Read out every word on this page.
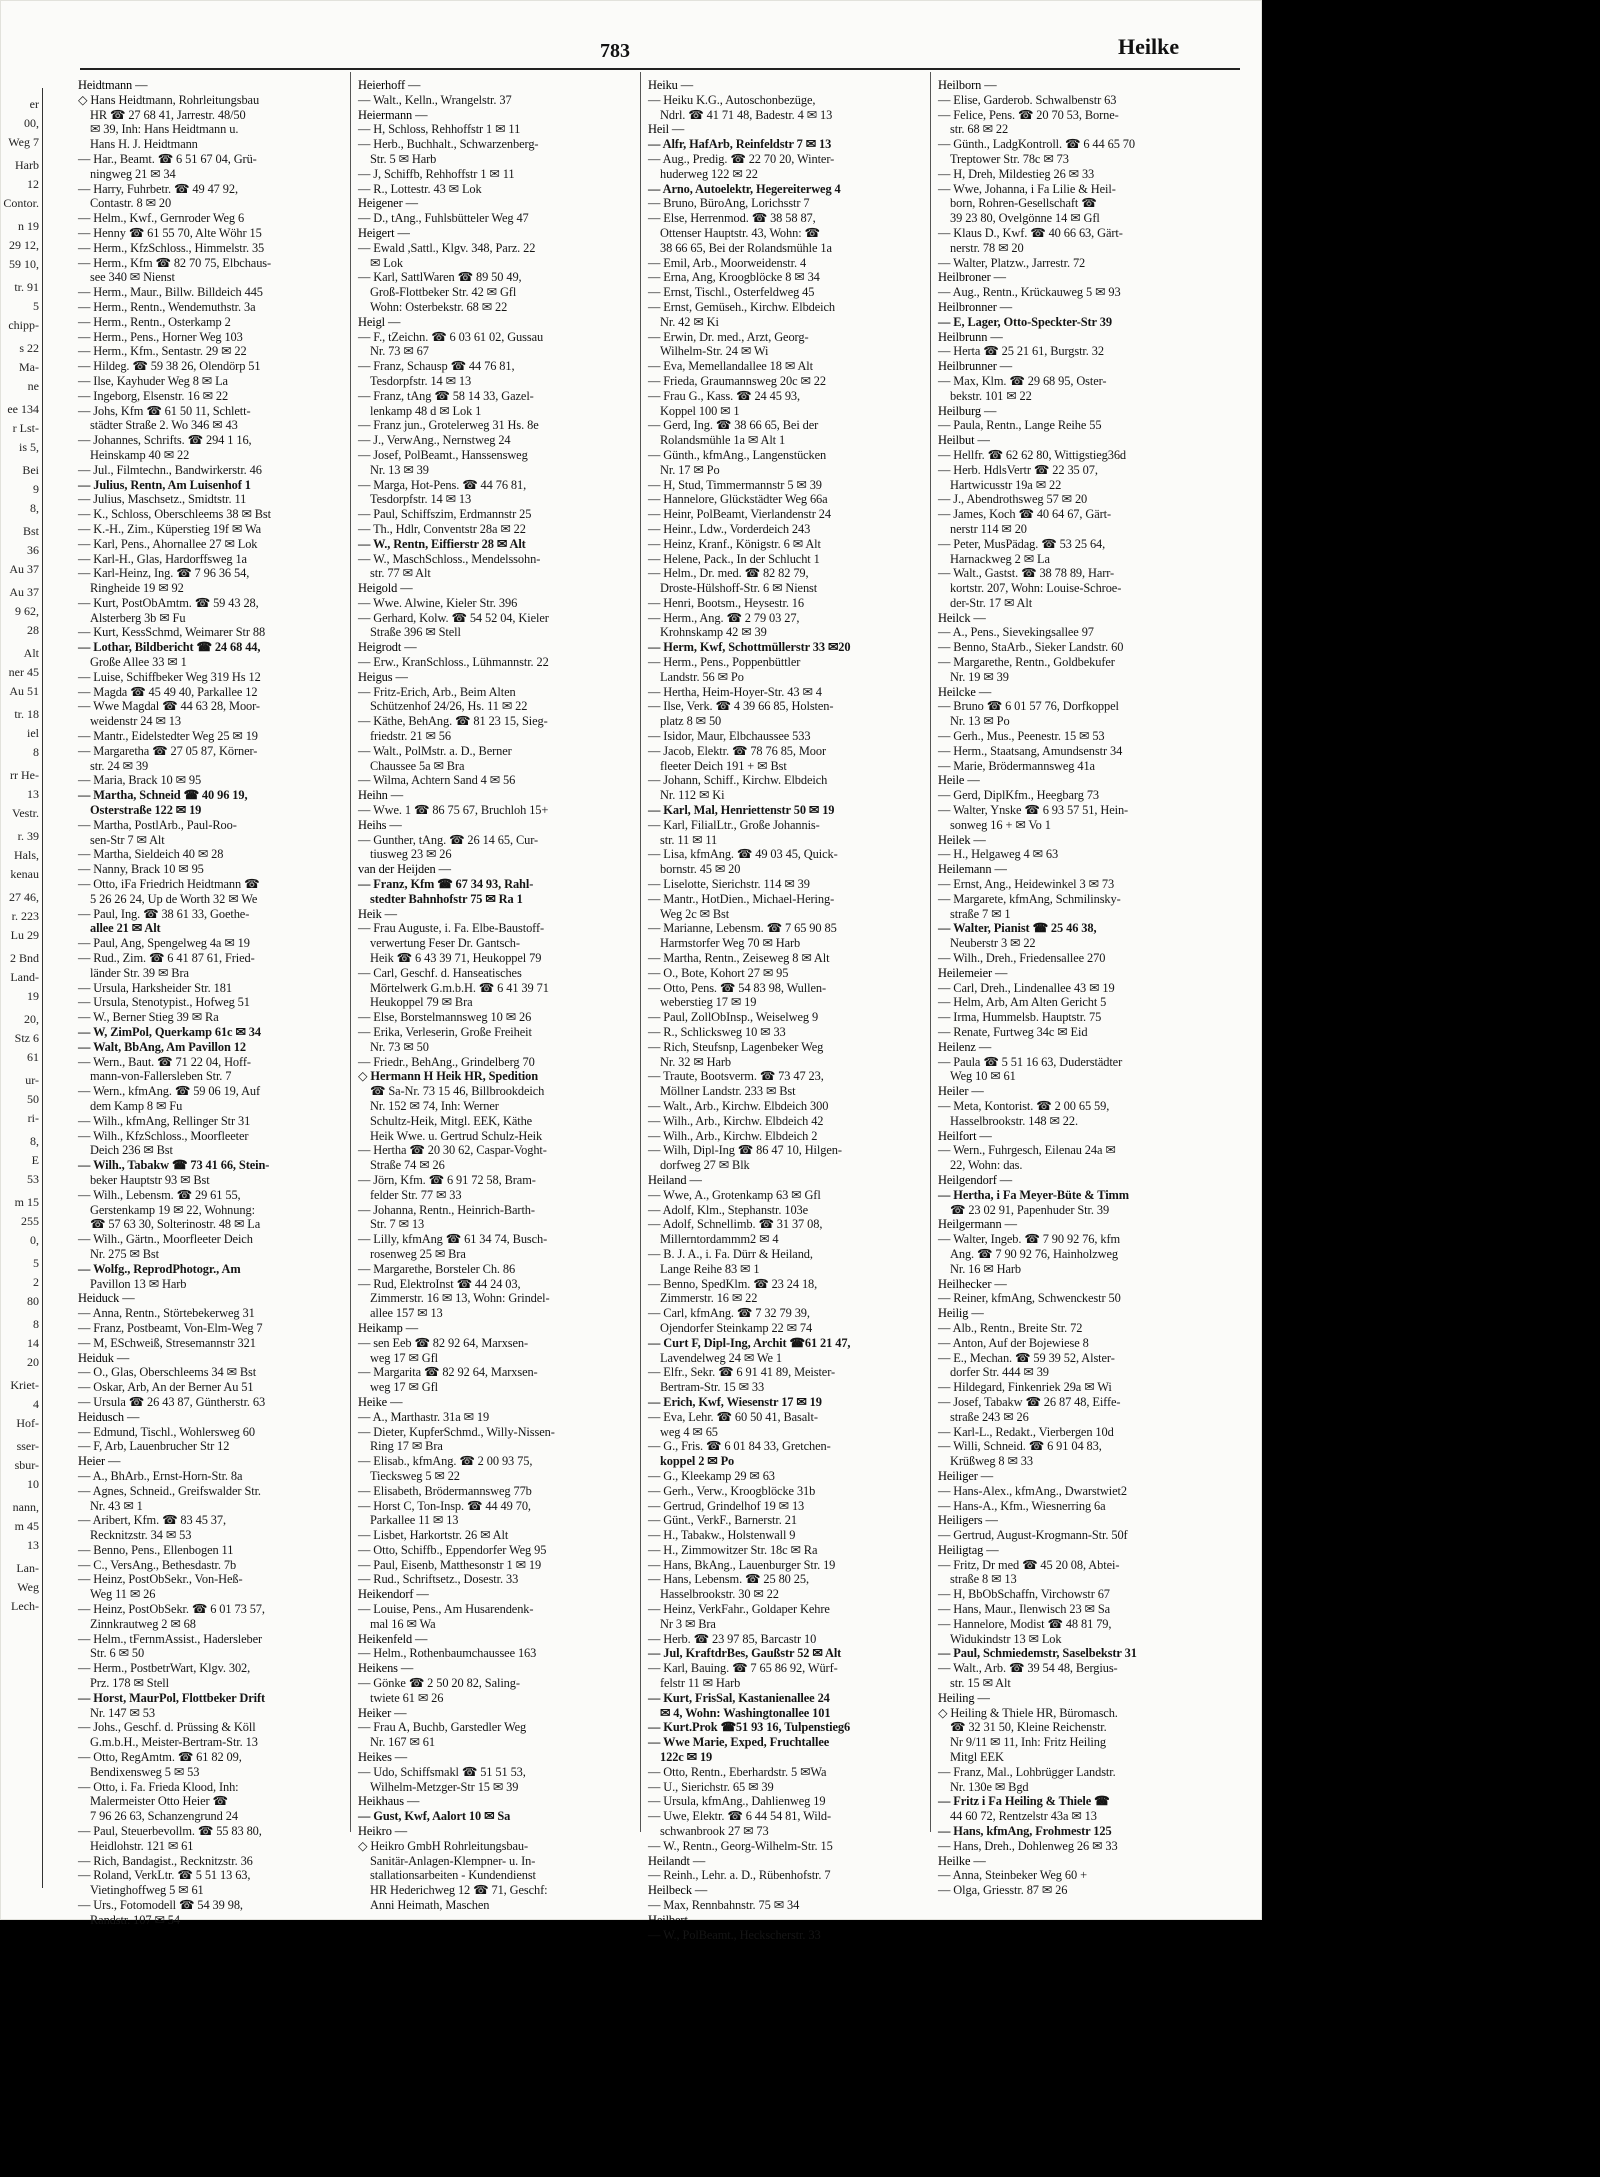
er
00,
Weg 7
Harb
12
Contor.
n 19
29 12,
59 10,
tr. 91
5
chipp-
s 22
Ma-
ne
ee 134
r Lst-
is 5,
Bei
9
8,
Bst
36
Au 37
Au 37
9 62,
28
Alt
ner 45
Au 51
tr. 18
iel
8
rr He-
13
Vestr.
r. 39
Hals,
kenau
27 46,
r. 223
Lu 29
2 Bnd
Land-
19
20,
Stz 6
61
ur-
50
ri-
8,
E
53
m 15
255
0,
5
2
80
8
14
20
Kriet-
4
Hof-
sser-
sbur-
10
nann,
m 45
13
Lan-
Weg
Lech-
783	Heilke
Heidtmann —
◇ Hans Heidtmann, Rohrleitungsbau
HR ☎ 27 68 41, Jarrestr. 48/50
✉ 39, Inh: Hans Heidtmann u.
Hans H. J. Heidtmann
— Har., Beamt. ☎ 6 51 67 04, Grü-
ningweg 21 ✉ 34
— Harry, Fuhrbetr. ☎ 49 47 92,
Contastr. 8 ✉ 20
— Helm., Kwf., Gernroder Weg 6
— Henny ☎ 61 55 70, Alte Wöhr 15
— Herm., KfzSchloss., Himmelstr. 35
— Herm., Kfm ☎ 82 70 75, Elbchaus-
see 340 ✉ Nienst
— Herm., Maur., Billw. Billdeich 445
— Herm., Rentn., Wendemuthstr. 3a
— Herm., Rentn., Osterkamp 2
— Herm., Pens., Horner Weg 103
— Herm., Kfm., Sentastr. 29 ✉ 22
— Hildeg. ☎ 59 38 26, Olendörp 51
— Ilse, Kayhuder Weg 8 ✉ La
— Ingeborg, Elsenstr. 16 ✉ 22
— Johs, Kfm ☎ 61 50 11, Schlett-
städter Straße 2. Wo 346 ✉ 43
— Johannes, Schrifts. ☎ 294 1 16,
Heinskamp 40 ✉ 22
— Jul., Filmtechn., Bandwirkerstr. 46
— Julius, Rentn, Am Luisenhof 1
— Julius, Maschsetz., Smidtstr. 11
— K., Schloss, Oberschleems 38 ✉ Bst
— K.-H., Zim., Küperstieg 19f ✉ Wa
— Karl, Pens., Ahornallee 27 ✉ Lok
— Karl-H., Glas, Hardorffsweg 1a
— Karl-Heinz, Ing. ☎ 7 96 36 54,
Ringheide 19 ✉ 92
— Kurt, PostObAmtm. ☎ 59 43 28,
Alsterberg 3b ✉ Fu
— Kurt, KessSchmd, Weimarer Str 88
— Lothar, Bildbericht ☎ 24 68 44,
Große Allee 33 ✉ 1
— Luise, Schiffbeker Weg 319 Hs 12
— Magda ☎ 45 49 40, Parkallee 12
— Wwe Magdal ☎ 44 63 28, Moor-
weidenstr 24 ✉ 13
— Mantr., Eidelstedter Weg 25 ✉ 19
— Margaretha ☎ 27 05 87, Körner-
str. 24 ✉ 39
— Maria, Brack 10 ✉ 95
— Martha, Schneid ☎ 40 96 19,
Osterstraße 122 ✉ 19
— Martha, PostlArb., Paul-Roo-
sen-Str 7 ✉ Alt
— Martha, Sieldeich 40 ✉ 28
— Nanny, Brack 10 ✉ 95
— Otto, iFa Friedrich Heidtmann ☎
5 26 26 24, Up de Worth 32 ✉ We
— Paul, Ing. ☎ 38 61 33, Goethe-
allee 21 ✉ Alt
— Paul, Ang, Spengelweg 4a ✉ 19
— Rud., Zim. ☎ 6 41 87 61, Fried-
länder Str. 39 ✉ Bra
— Ursula, Harksheider Str. 181
— Ursula, Stenotypist., Hofweg 51
— W., Berner Stieg 39 ✉ Ra
— W, ZimPol, Querkamp 61c ✉ 34
— Walt, BbAng, Am Pavillon 12
— Wern., Baut. ☎ 71 22 04, Hoff-
mann-von-Fallersleben Str. 7
— Wern., kfmAng. ☎ 59 06 19, Auf
dem Kamp 8 ✉ Fu
— Wilh., kfmAng, Rellinger Str 31
— Wilh., KfzSchloss., Moorfleeter
Deich 236 ✉ Bst
— Wilh., Tabakw ☎ 73 41 66, Stein-
beker Hauptstr 93 ✉ Bst
— Wilh., Lebensm. ☎ 29 61 55,
Gerstenkamp 19 ✉ 22, Wohnung:
☎ 57 63 30, Solterinostr. 48 ✉ La
— Wilh., Gärtn., Moorfleeter Deich
Nr. 275 ✉ Bst
— Wolfg., ReprodPhotogr., Am
Pavillon 13 ✉ Harb
Heiduck —
— Anna, Rentn., Störtebekerweg 31
— Franz, Postbeamt, Von-Elm-Weg 7
— M, ESchweiß, Stresemannstr 321
Heiduk —
— O., Glas, Oberschleems 34 ✉ Bst
— Oskar, Arb, An der Berner Au 51
— Ursula ☎ 26 43 87, Güntherstr. 63
Heidusch —
— Edmund, Tischl., Wohlersweg 60
— F, Arb, Lauenbrucher Str 12
Heier —
— A., BhArb., Ernst-Horn-Str. 8a
— Agnes, Schneid., Greifswalder Str.
Nr. 43 ✉ 1
— Aribert, Kfm. ☎ 83 45 37,
Recknitzstr. 34 ✉ 53
— Benno, Pens., Ellenbogen 11
— C., VersAng., Bethesdastr. 7b
— Heinz, PostObSekr., Von-Heß-
Weg 11 ✉ 26
— Heinz, PostObSekr. ☎ 6 01 73 57,
Zinnkrautweg 2 ✉ 68
— Helm., tFernmAssist., Hadersleber
Str. 6 ✉ 50
— Herm., PostbetrWart, Klgv. 302,
Prz. 178 ✉ Stell
— Horst, MaurPol, Flottbeker Drift
Nr. 147 ✉ 53
— Johs., Geschf. d. Prüssing & Köll
G.m.b.H., Meister-Bertram-Str. 13
— Otto, RegAmtm. ☎ 61 82 09,
Bendixensweg 5 ✉ 53
— Otto, i. Fa. Frieda Klood, Inh:
Malermeister Otto Heier ☎
7 96 26 63, Schanzengrund 24
— Paul, Steuerbevollm. ☎ 55 83 80,
Heidlohstr. 121 ✉ 61
— Rich, Bandagist., Recknitzstr. 36
— Roland, VerkLtr. ☎ 5 51 13 63,
Vietinghoffweg 5 ✉ 61
— Urs., Fotomodell ☎ 54 39 98,
Randstr. 107 ✉ 54
Heierhoff —
— Walt., Kelln., Wrangelstr. 37
Heiermann —
— H, Schloss, Rehhoffstr 1 ✉ 11
— Herb., Buchhalt., Schwarzenberg-
Str. 5 ✉ Harb
— J, Schiffb, Rehhoffstr 1 ✉ 11
— R., Lottestr. 43 ✉ Lok
Heigener —
— D., tAng., Fuhlsbütteler Weg 47
Heigert —
— Ewald ,Sattl., Klgv. 348, Parz. 22
✉ Lok
— Karl, SattlWaren ☎ 89 50 49,
Groß-Flottbeker Str. 42 ✉ Gfl
Wohn: Osterbekstr. 68 ✉ 22
Heigl —
— F., tZeichn. ☎ 6 03 61 02, Gussau
Nr. 73 ✉ 67
— Franz, Schausp ☎ 44 76 81,
Tesdorpfstr. 14 ✉ 13
— Franz, tAng ☎ 58 14 33, Gazel-
lenkamp 48 d ✉ Lok 1
— Franz jun., Grotelerweg 31 Hs. 8e
— J., VerwAng., Nernstweg 24
— Josef, PolBeamt., Hanssensweg
Nr. 13 ✉ 39
— Marga, Hot-Pens. ☎ 44 76 81,
Tesdorpfstr. 14 ✉ 13
— Paul, Schiffszim, Erdmannstr 25
— Th., Hdlr, Conventstr 28a ✉ 22
— W., Rentn, Eiffierstr 28 ✉ Alt
— W., MaschSchloss., Mendelssohn-
str. 77 ✉ Alt
Heigold —
— Wwe. Alwine, Kieler Str. 396
— Gerhard, Kolw. ☎ 54 52 04, Kieler
Straße 396 ✉ Stell
Heigrodt —
— Erw., KranSchloss., Lühmannstr. 22
Heigus —
— Fritz-Erich, Arb., Beim Alten
Schützenhof 24/26, Hs. 11 ✉ 22
— Käthe, BehAng. ☎ 81 23 15, Sieg-
friedstr. 21 ✉ 56
— Walt., PolMstr. a. D., Berner
Chaussee 5a ✉ Bra
— Wilma, Achtern Sand 4 ✉ 56
Heihn —
— Wwe. 1 ☎ 86 75 67, Bruchloh 15+
Heihs —
— Gunther, tAng. ☎ 26 14 65, Cur-
tiusweg 23 ✉ 26
van der Heijden —
— Franz, Kfm ☎ 67 34 93, Rahl-
stedter Bahnhofstr 75 ✉ Ra 1
Heik —
— Frau Auguste, i. Fa. Elbe-Baustoff-
verwertung Feser Dr. Gantsch-
Heik ☎ 6 43 39 71, Heukoppel 79
— Carl, Geschf. d. Hanseatisches
Mörtelwerk G.m.b.H. ☎ 6 41 39 71
Heukoppel 79 ✉ Bra
— Else, Borstelmannsweg 10 ✉ 26
— Erika, Verleserin, Große Freiheit
Nr. 73 ✉ 50
— Friedr., BehAng., Grindelberg 70
◇ Hermann H Heik HR, Spedition
☎ Sa-Nr. 73 15 46, Billbrookdeich
Nr. 152 ✉ 74, Inh: Werner
Schultz-Heik, Mitgl. EEK, Käthe
Heik Wwe. u. Gertrud Schulz-Heik
— Hertha ☎ 20 30 62, Caspar-Voght-
Straße 74 ✉ 26
— Jörn, Kfm. ☎ 6 91 72 58, Bram-
felder Str. 77 ✉ 33
— Johanna, Rentn., Heinrich-Barth-
Str. 7 ✉ 13
— Lilly, kfmAng ☎ 61 34 74, Busch-
rosenweg 25 ✉ Bra
— Margarethe, Borsteler Ch. 86
— Rud, ElektroInst ☎ 44 24 03,
Zimmerstr. 16 ✉ 13, Wohn: Grindel-
allee 157 ✉ 13
Heikamp —
— sen Eeb ☎ 82 92 64, Marxsen-
weg 17 ✉ Gfl
— Margarita ☎ 82 92 64, Marxsen-
weg 17 ✉ Gfl
Heike —
— A., Marthastr. 31a ✉ 19
— Dieter, KupferSchmd., Willy-Nissen-
Ring 17 ✉ Bra
— Elisab., kfmAng. ☎ 2 00 93 75,
Tiecksweg 5 ✉ 22
— Elisabeth, Brödermannsweg 77b
— Horst C, Ton-Insp. ☎ 44 49 70,
Parkallee 11 ✉ 13
— Lisbet, Harkortstr. 26 ✉ Alt
— Otto, Schiffb., Eppendorfer Weg 95
— Paul, Eisenb, Matthesonstr 1 ✉ 19
— Rud., Schriftsetz., Dosestr. 33
Heikendorf —
— Louise, Pens., Am Husarendenk-
mal 16 ✉ Wa
Heikenfeld —
— Helm., Rothenbaumchaussee 163
Heikens —
— Gönke ☎ 2 50 20 82, Saling-
twiete 61 ✉ 26
Heiker —
— Frau A, Buchb, Garstedler Weg
Nr. 167 ✉ 61
Heikes —
— Udo, Schiffsmakl ☎ 51 51 53,
Wilhelm-Metzger-Str 15 ✉ 39
Heikhaus —
— Gust, Kwf, Aalort 10 ✉ Sa
Heikro —
◇ Heikro GmbH Rohrleitungsbau-
Sanitär-Anlagen-Klempner- u. In-
stallationsarbeiten - Kundendienst
HR Hederichweg 12 ☎ 71, Geschf:
Anni Heimath, Maschen
Heiku —
— Heiku K.G., Autoschonbezüge,
Ndrl. ☎ 41 71 48, Badestr. 4 ✉ 13
Heil —
— Alfr, HafArb, Reinfeldstr 7 ✉ 13
— Aug., Predig. ☎ 22 70 20, Winter-
huderweg 122 ✉ 22
— Arno, Autoelektr, Hegereiterweg 4
— Bruno, BüroAng, Lorichsstr 7
— Else, Herrenmod. ☎ 38 58 87,
Ottenser Hauptstr. 43, Wohn: ☎
38 66 65, Bei der Rolandsmühle 1a
— Emil, Arb., Moorweidenstr. 4
— Erna, Ang, Kroogblöcke 8 ✉ 34
— Ernst, Tischl., Osterfeldweg 45
— Ernst, Gemüseh., Kirchw. Elbdeich
Nr. 42 ✉ Ki
— Erwin, Dr. med., Arzt, Georg-
Wilhelm-Str. 24 ✉ Wi
— Eva, Memellandallee 18 ✉ Alt
— Frieda, Graumannsweg 20c ✉ 22
— Frau G., Kass. ☎ 24 45 93,
Koppel 100 ✉ 1
— Gerd, Ing. ☎ 38 66 65, Bei der
Rolandsmühle 1a ✉ Alt 1
— Günth., kfmAng., Langenstücken
Nr. 17 ✉ Po
— H, Stud, Timmermannstr 5 ✉ 39
— Hannelore, Glückstädter Weg 66a
— Heinr, PolBeamt, Vierlandenstr 24
— Heinr., Ldw., Vorderdeich 243
— Heinz, Kranf., Königstr. 6 ✉ Alt
— Helene, Pack., In der Schlucht 1
— Helm., Dr. med. ☎ 82 82 79,
Droste-Hülshoff-Str. 6 ✉ Nienst
— Henri, Bootsm., Heysestr. 16
— Herm., Ang. ☎ 2 79 03 27,
Krohnskamp 42 ✉ 39
— Herm, Kwf, Schottmüllerstr 33 ✉20
— Herm., Pens., Poppenbüttler
Landstr. 56 ✉ Po
— Hertha, Heim-Hoyer-Str. 43 ✉ 4
— Ilse, Verk. ☎ 4 39 66 85, Holsten-
platz 8 ✉ 50
— Isidor, Maur, Elbchaussee 533
— Jacob, Elektr. ☎ 78 76 85, Moor
fleeter Deich 191 + ✉ Bst
— Johann, Schiff., Kirchw. Elbdeich
Nr. 112 ✉ Ki
— Karl, Mal, Henriettenstr 50 ✉ 19
— Karl, FilialLtr., Große Johannis-
str. 11 ✉ 11
— Lisa, kfmAng. ☎ 49 03 45, Quick-
bornstr. 45 ✉ 20
— Liselotte, Sierichstr. 114 ✉ 39
— Mantr., HotDien., Michael-Hering-
Weg 2c ✉ Bst
— Marianne, Lebensm. ☎ 7 65 90 85
Harmstorfer Weg 70 ✉ Harb
— Martha, Rentn., Zeiseweg 8 ✉ Alt
— O., Bote, Kohort 27 ✉ 95
— Otto, Pens. ☎ 54 83 98, Wullen-
weberstieg 17 ✉ 19
— Paul, ZollObInsp., Weiselweg 9
— R., Schlicksweg 10 ✉ 33
— Rich, Steufsnp, Lagenbeker Weg
Nr. 32 ✉ Harb
— Traute, Bootsverm. ☎ 73 47 23,
Möllner Landstr. 233 ✉ Bst
— Walt., Arb., Kirchw. Elbdeich 300
— Wilh., Arb., Kirchw. Elbdeich 42
— Wilh., Arb., Kirchw. Elbdeich 2
— Wilh, Dipl-Ing ☎ 86 47 10, Hilgen-
dorfweg 27 ✉ Blk
Heiland —
— Wwe, A., Grotenkamp 63 ✉ Gfl
— Adolf, Klm., Stephanstr. 103e
— Adolf, Schnellimb. ☎ 31 37 08,
Millerntordammm2 ✉ 4
— B. J. A., i. Fa. Dürr & Heiland,
Lange Reihe 83 ✉ 1
— Benno, SpedKlm. ☎ 23 24 18,
Zimmerstr. 16 ✉ 22
— Carl, kfmAng. ☎ 7 32 79 39,
Ojendorfer Steinkamp 22 ✉ 74
— Curt F, Dipl-Ing, Archit ☎61 21 47,
Lavendelweg 24 ✉ We 1
— Elfr., Sekr. ☎ 6 91 41 89, Meister-
Bertram-Str. 15 ✉ 33
— Erich, Kwf, Wiesenstr 17 ✉ 19
— Eva, Lehr. ☎ 60 50 41, Basalt-
weg 4 ✉ 65
— G., Fris. ☎ 6 01 84 33, Gretchen-
koppel 2 ✉ Po
— G., Kleekamp 29 ✉ 63
— Gerh., Verw., Kroogblöcke 31b
— Gertrud, Grindelhof 19 ✉ 13
— Günt., VerkF., Barnerstr. 21
— H., Tabakw., Holstenwall 9
— H., Zimmowitzer Str. 18c ✉ Ra
— Hans, BkAng., Lauenburger Str. 19
— Hans, Lebensm. ☎ 25 80 25,
Hasselbrookstr. 30 ✉ 22
— Heinz, VerkFahr., Goldaper Kehre
Nr 3 ✉ Bra
— Herb. ☎ 23 97 85, Barcastr 10
— Jul, KraftdrBes, Gaußstr 52 ✉ Alt
— Karl, Bauing. ☎ 7 65 86 92, Würf-
felstr 11 ✉ Harb
— Kurt, FrisSal, Kastanienallee 24
✉ 4, Wohn: Washingtonallee 101
— Kurt.Prok ☎51 93 16, Tulpenstieg6
— Wwe Marie, Exped, Fruchtallee
122c ✉ 19
— Otto, Rentn., Eberhardstr. 5 ✉Wa
— U., Sierichstr. 65 ✉ 39
— Ursula, kfmAng., Dahlienweg 19
— Uwe, Elektr. ☎ 6 44 54 81, Wild-
schwanbrook 27 ✉ 73
— W., Rentn., Georg-Wilhelm-Str. 15
Heilandt —
— Reinh., Lehr. a. D., Rübenhofstr. 7
Heilbeck —
— Max, Rennbahnstr. 75 ✉ 34
Heilbert —
— W., PolBeamt., Heckscherstr. 33
Heilborn —
— Elise, Garderob. Schwalbenstr 63
— Felice, Pens. ☎ 20 70 53, Borne-
str. 68 ✉ 22
— Günth., LadgKontroll. ☎ 6 44 65 70
Treptower Str. 78c ✉ 73
— H, Dreh, Mildestieg 26 ✉ 33
— Wwe, Johanna, i Fa Lilie & Heil-
born, Rohren-Gesellschaft ☎
39 23 80, Ovelgönne 14 ✉ Gfl
— Klaus D., Kwf. ☎ 40 66 63, Gärt-
nerstr. 78 ✉ 20
— Walter, Platzw., Jarrestr. 72
Heilbroner —
— Aug., Rentn., Krückauweg 5 ✉ 93
Heilbronner —
— E, Lager, Otto-Speckter-Str 39
Heilbrunn —
— Herta ☎ 25 21 61, Burgstr. 32
Heilbrunner —
— Max, Klm. ☎ 29 68 95, Oster-
bekstr. 101 ✉ 22
Heilburg —
— Paula, Rentn., Lange Reihe 55
Heilbut —
— Hellfr. ☎ 62 62 80, Wittigstieg36d
— Herb. HdlsVertr ☎ 22 35 07,
Hartwicusstr 19a ✉ 22
— J., Abendrothsweg 57 ✉ 20
— James, Koch ☎ 40 64 67, Gärt-
nerstr 114 ✉ 20
— Peter, MusPädag. ☎ 53 25 64,
Harnackweg 2 ✉ La
— Walt., Gastst. ☎ 38 78 89, Harr-
kortstr. 207, Wohn: Louise-Schroe-
der-Str. 17 ✉ Alt
Heilck —
— A., Pens., Sievekingsallee 97
— Benno, StaArb., Sieker Landstr. 60
— Margarethe, Rentn., Goldbekufer
Nr. 19 ✉ 39
Heilcke —
— Bruno ☎ 6 01 57 76, Dorfkoppel
Nr. 13 ✉ Po
— Gerh., Mus., Peenestr. 15 ✉ 53
— Herm., Staatsang, Amundsenstr 34
— Marie, Brödermannsweg 41a
Heile —
— Gerd, DiplKfm., Heegbarg 73
— Walter, Ynske ☎ 6 93 57 51, Hein-
sonweg 16 + ✉ Vo 1
Heilek —
— H., Helgaweg 4 ✉ 63
Heilemann —
— Ernst, Ang., Heidewinkel 3 ✉ 73
— Margarete, kfmAng, Schmilinsky-
straße 7 ✉ 1
— Walter, Pianist ☎ 25 46 38,
Neuberstr 3 ✉ 22
— Wilh., Dreh., Friedensallee 270
Heilemeier —
— Carl, Dreh., Lindenallee 43 ✉ 19
— Helm, Arb, Am Alten Gericht 5
— Irma, Hummelsb. Hauptstr. 75
— Renate, Furtweg 34c ✉ Eid
Heilenz —
— Paula ☎ 5 51 16 63, Duderstädter
Weg 10 ✉ 61
Heiler —
— Meta, Kontorist. ☎ 2 00 65 59,
Hasselbrookstr. 148 ✉ 22.
Heilfort —
— Wern., Fuhrgesch, Eilenau 24a ✉
22, Wohn: das.
Heilgendorf —
— Hertha, i Fa Meyer-Büte & Timm
☎ 23 02 91, Papenhuder Str. 39
Heilgermann —
— Walter, Ingeb. ☎ 7 90 92 76, kfm
Ang. ☎ 7 90 92 76, Hainholzweg
Nr. 16 ✉ Harb
Heilhecker —
— Reiner, kfmAng, Schwenckestr 50
Heilig —
— Alb., Rentn., Breite Str. 72
— Anton, Auf der Bojewiese 8
— E., Mechan. ☎ 59 39 52, Alster-
dorfer Str. 444 ✉ 39
— Hildegard, Finkenriek 29a ✉ Wi
— Josef, Tabakw ☎ 26 87 48, Eiffe-
straße 243 ✉ 26
— Karl-L., Redakt., Vierbergen 10d
— Willi, Schneid. ☎ 6 91 04 83,
Krüßweg 8 ✉ 33
Heiliger —
— Hans-Alex., kfmAng., Dwarstwiet2
— Hans-A., Kfm., Wiesnerring 6a
Heiligers —
— Gertrud, August-Krogmann-Str. 50f
Heiligtag —
— Fritz, Dr med ☎ 45 20 08, Abtei-
straße 8 ✉ 13
— H, BbObSchaffn, Virchowstr 67
— Hans, Maur., Ilenwisch 23 ✉ Sa
— Hannelore, Modist ☎ 48 81 79,
Widukindstr 13 ✉ Lok
— Paul, Schmiedemstr, Saselbekstr 31
— Walt., Arb. ☎ 39 54 48, Bergius-
str. 15 ✉ Alt
Heiling —
◇ Heiling & Thiele HR, Büromasch.
☎ 32 31 50, Kleine Reichenstr.
Nr 9/11 ✉ 11, Inh: Fritz Heiling
Mitgl EEK
— Franz, Mal., Lohbrügger Landstr.
Nr. 130e ✉ Bgd
— Fritz i Fa Heiling & Thiele ☎
44 60 72, Rentzelstr 43a ✉ 13
— Hans, kfmAng, Frohmestr 125
— Hans, Dreh., Dohlenweg 26 ✉ 33
Heilke —
— Anna, Steinbeker Weg 60 +
— Olga, Griesstr. 87 ✉ 26
